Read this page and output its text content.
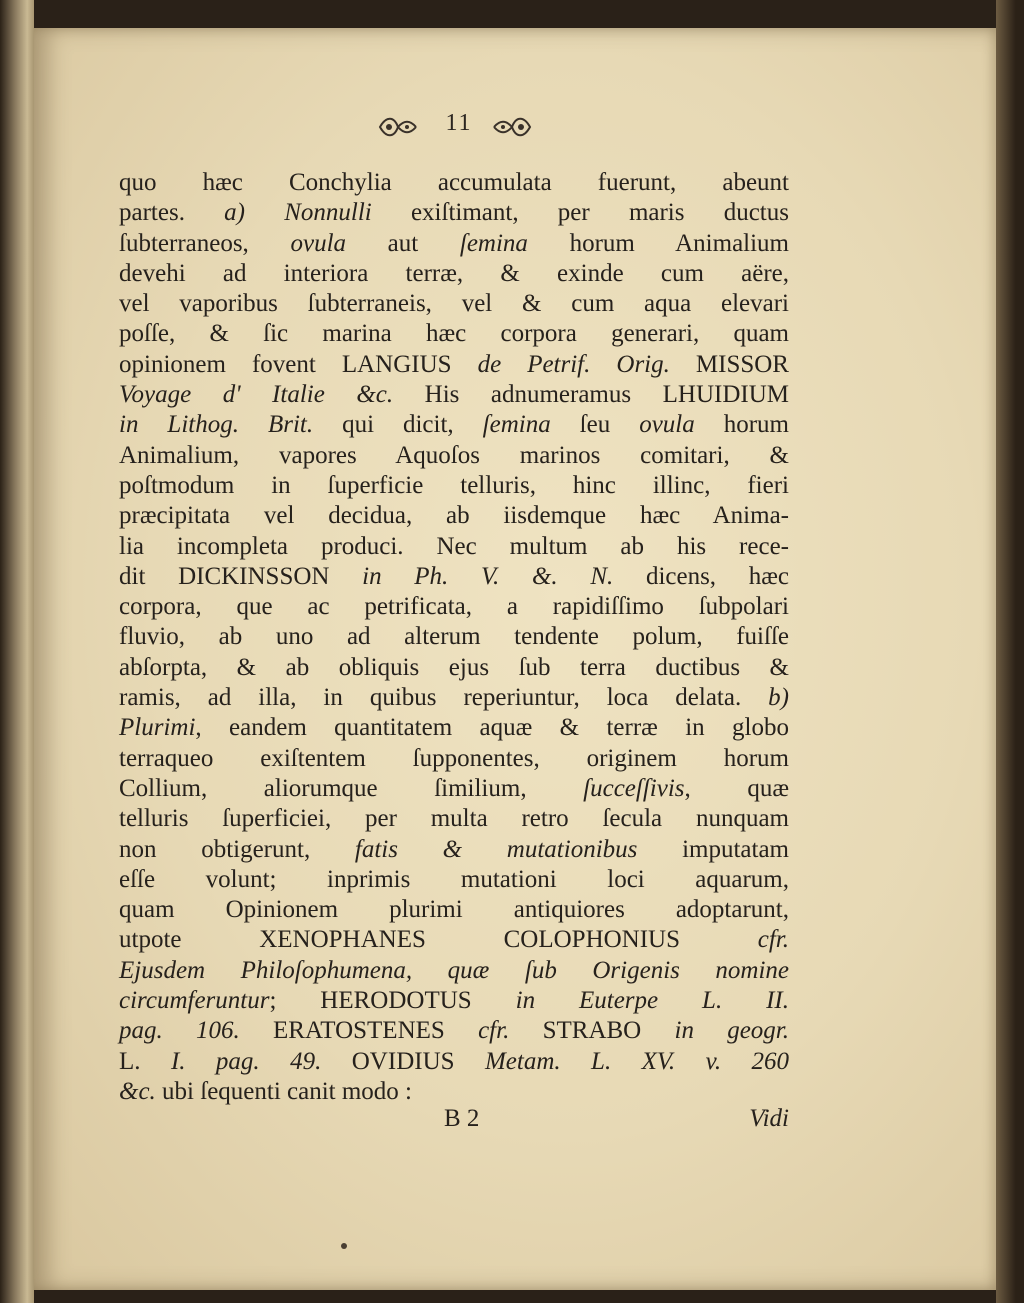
11
quo hæc Conchylia accumulata fuerunt, abeunt
partes. a) Nonnulli exiſtimant, per maris ductus
ſubterraneos, ovula aut ſemina horum Animalium
devehi ad interiora terræ, & exinde cum aëre,
vel vaporibus ſubterraneis, vel & cum aqua elevari
poſſe, & ſic marina hæc corpora generari, quam
opinionem fovent LANGIUS de Petrif. Orig. MISSOR
Voyage d' Italie &c. His adnumeramus LHUIDIUM
in Lithog. Brit. qui dicit, ſemina ſeu ovula horum
Animalium, vapores Aquoſos marinos comitari, &
poſtmodum in ſuperficie telluris, hinc illinc, fieri
præcipitata vel decidua, ab iisdemque hæc Anima-
lia incompleta produci. Nec multum ab his rece-
dit DICKINSSON in Ph. V. &. N. dicens, hæc
corpora, que ac petrificata, a rapidiſſimo ſubpolari
fluvio, ab uno ad alterum tendente polum, fuiſſe
abſorpta, & ab obliquis ejus ſub terra ductibus &
ramis, ad illa, in quibus reperiuntur, loca delata. b)
Plurimi, eandem quantitatem aquæ & terræ in globo
terraqueo exiſtentem ſupponentes, originem horum
Collium, aliorumque ſimilium, ſucceſſivis, quæ
telluris ſuperficiei, per multa retro ſecula nunquam
non obtigerunt, fatis & mutationibus imputatam
eſſe volunt; inprimis mutationi loci aquarum,
quam Opinionem plurimi antiquiores adoptarunt,
utpote XENOPHANES COLOPHONIUS cfr.
Ejusdem Philoſophumena, quæ ſub Origenis nomine
circumferuntur; HERODOTUS in Euterpe L. II.
pag. 106. ERATOSTENES cfr. STRABO in geogr.
L. I. pag. 49. OVIDIUS Metam. L. XV. v. 260
&c. ubi ſequenti canit modo :
B 2	Vidi
